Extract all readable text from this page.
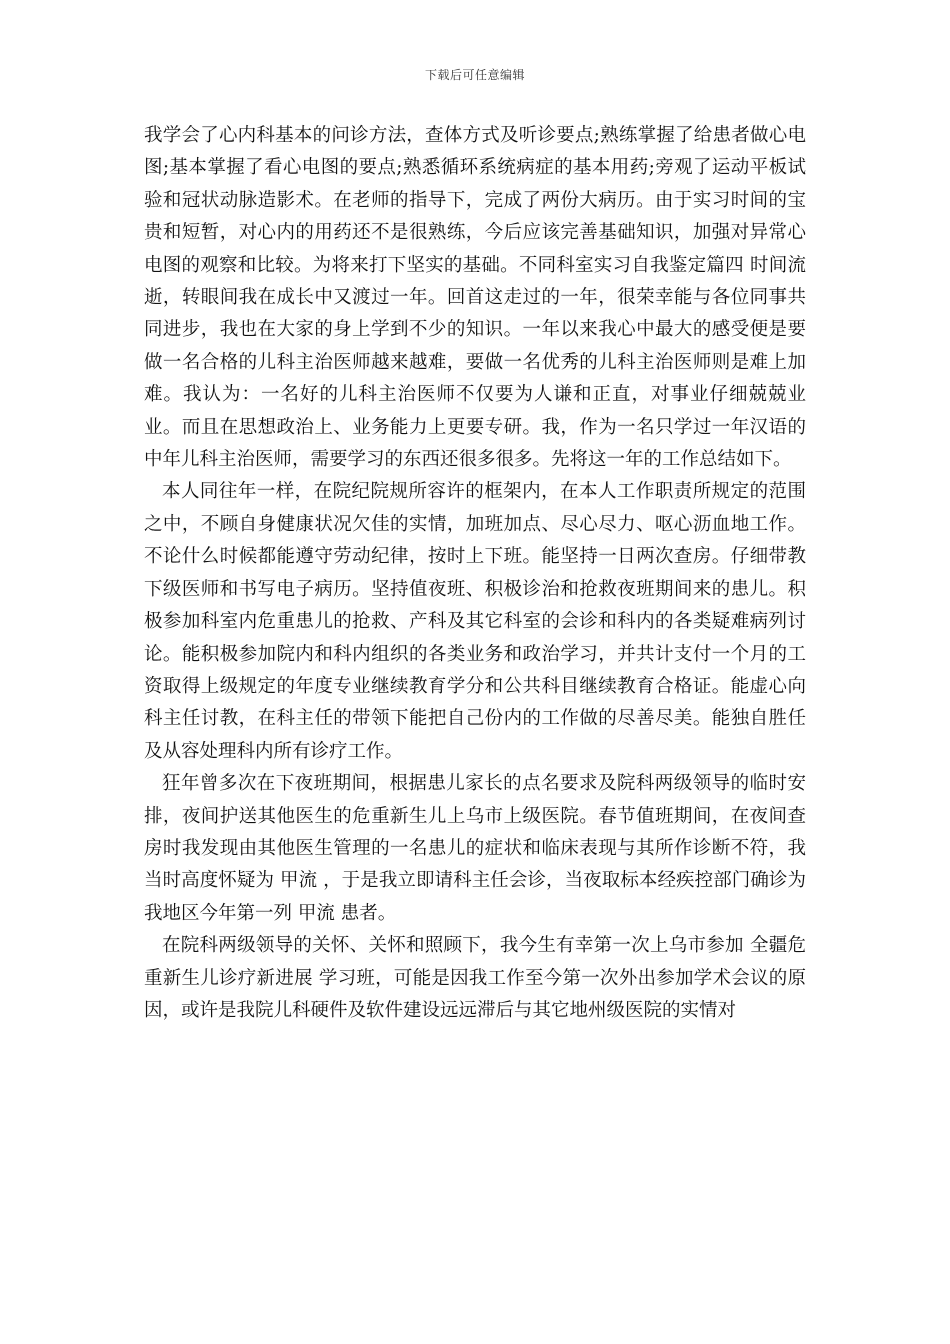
下载后可任意编辑

我学会了心内科基本的问诊方法，查体方式及听诊要点;熟练掌握了给患者做心电图;基本掌握了看心电图的要点;熟悉循环系统病症的基本用药;旁观了运动平板试验和冠状动脉造影术。在老师的指导下，完成了两份大病历。由于实习时间的宝贵和短暂，对心内的用药还不是很熟练，今后应该完善基础知识，加强对异常心电图的观察和比较。为将来打下坚实的基础。不同科室实习自我鉴定篇四 时间流逝，转眼间我在成长中又渡过一年。回首这走过的一年，很荣幸能与各位同事共同进步，我也在大家的身上学到不少的知识。一年以来我心中最大的感受便是要做一名合格的儿科主治医师越来越难，要做一名优秀的儿科主治医师则是难上加难。我认为：一名好的儿科主治医师不仅要为人谦和正直，对事业仔细兢兢业业。而且在思想政治上、业务能力上更要专研。我，作为一名只学过一年汉语的中年儿科主治医师，需要学习的东西还很多很多。先将这一年的工作总结如下。

本人同往年一样，在院纪院规所容许的框架内，在本人工作职责所规定的范围之中，不顾自身健康状况欠佳的实情，加班加点、尽心尽力、呕心沥血地工作。不论什么时候都能遵守劳动纪律，按时上下班。能坚持一日两次查房。仔细带教下级医师和书写电子病历。坚持值夜班、积极诊治和抢救夜班期间来的患儿。积极参加科室内危重患儿的抢救、产科及其它科室的会诊和科内的各类疑难病列讨论。能积极参加院内和科内组织的各类业务和政治学习，并共计支付一个月的工资取得上级规定的年度专业继续教育学分和公共科目继续教育合格证。能虚心向科主任讨教，在科主任的带领下能把自己份内的工作做的尽善尽美。能独自胜任及从容处理科内所有诊疗工作。

狂年曾多次在下夜班期间，根据患儿家长的点名要求及院科两级领导的临时安排，夜间护送其他医生的危重新生儿上乌市上级医院。春节值班期间，在夜间查房时我发现由其他医生管理的一名患儿的症状和临床表现与其所作诊断不符，我当时高度怀疑为 甲流 ，于是我立即请科主任会诊，当夜取标本经疾控部门确诊为我地区今年第一列 甲流 患者。

在院科两级领导的关怀、关怀和照顾下，我今生有幸第一次上乌市参加 全疆危重新生儿诊疗新进展 学习班，可能是因我工作至今第一次外出参加学术会议的原因，或许是我院儿科硬件及软件建设远远滞后与其它地州级医院的实情对
